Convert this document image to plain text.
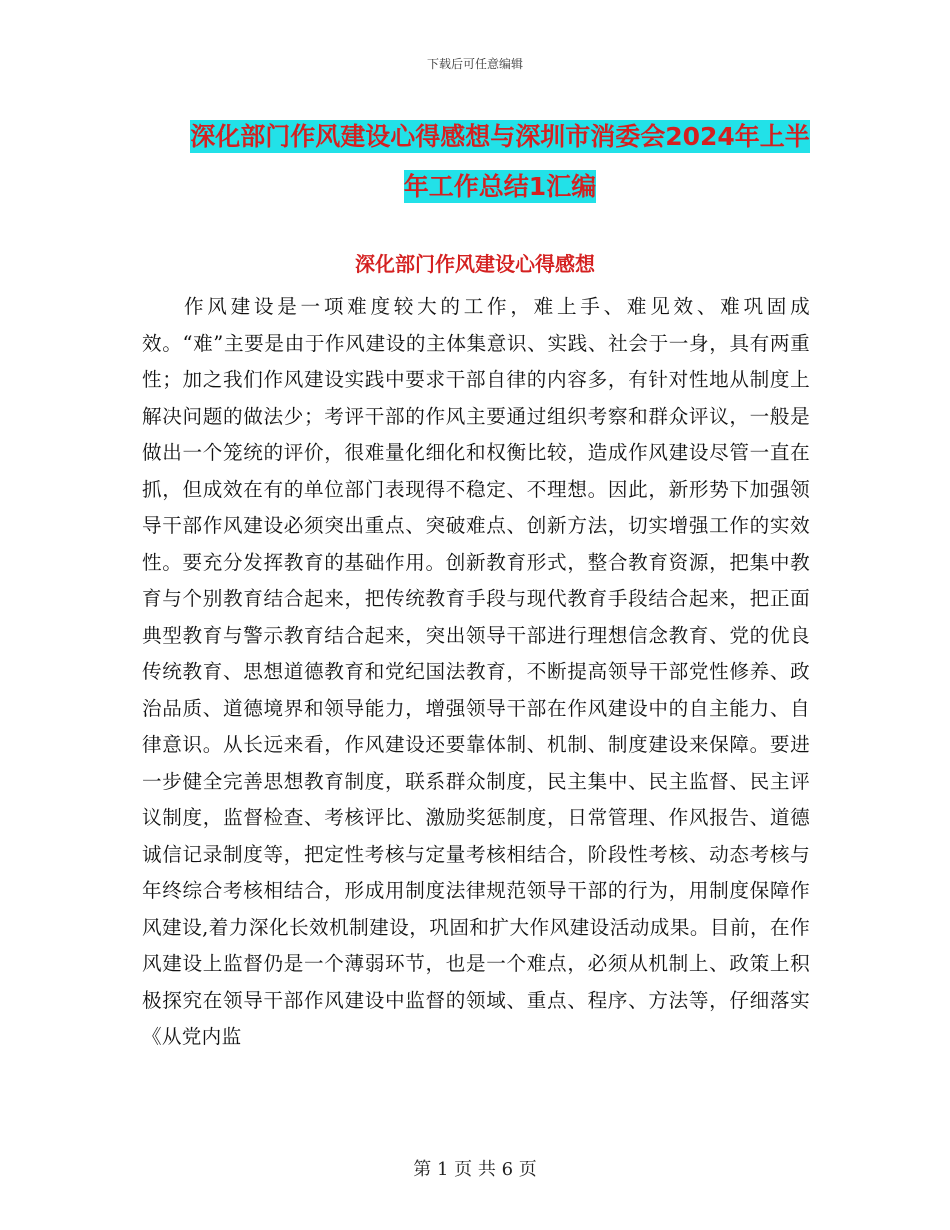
下载后可任意编辑
深化部门作风建设心得感想与深圳市消委会2024年上半年工作总结1汇编
深化部门作风建设心得感想
作风建设是一项难度较大的工作，难上手、难见效、难巩固成效。“难”主要是由于作风建设的主体集意识、实践、社会于一身，具有两重性；加之我们作风建设实践中要求干部自律的内容多，有针对性地从制度上解决问题的做法少；考评干部的作风主要通过组织考察和群众评议，一般是做出一个笼统的评价，很难量化细化和权衡比较，造成作风建设尽管一直在抓，但成效在有的单位部门表现得不稳定、不理想。因此，新形势下加强领导干部作风建设必须突出重点、突破难点、创新方法，切实增强工作的实效性。要充分发挥教育的基础作用。创新教育形式，整合教育资源，把集中教育与个别教育结合起来，把传统教育手段与现代教育手段结合起来，把正面典型教育与警示教育结合起来，突出领导干部进行理想信念教育、党的优良传统教育、思想道德教育和党纪国法教育，不断提高领导干部党性修养、政治品质、道德境界和领导能力，增强领导干部在作风建设中的自主能力、自律意识。从长远来看，作风建设还要靠体制、机制、制度建设来保障。要进一步健全完善思想教育制度，联系群众制度，民主集中、民主监督、民主评议制度，监督检查、考核评比、激励奖惩制度，日常管理、作风报告、道德诚信记录制度等，把定性考核与定量考核相结合，阶段性考核、动态考核与年终综合考核相结合，形成用制度法律规范领导干部的行为，用制度保障作风建设,着力深化长效机制建设，巩固和扩大作风建设活动成果。目前，在作风建设上监督仍是一个薄弱环节，也是一个难点，必须从机制上、政策上积极探究在领导干部作风建设中监督的领域、重点、程序、方法等，仔细落实《从党内监
第 1 页 共 6 页
